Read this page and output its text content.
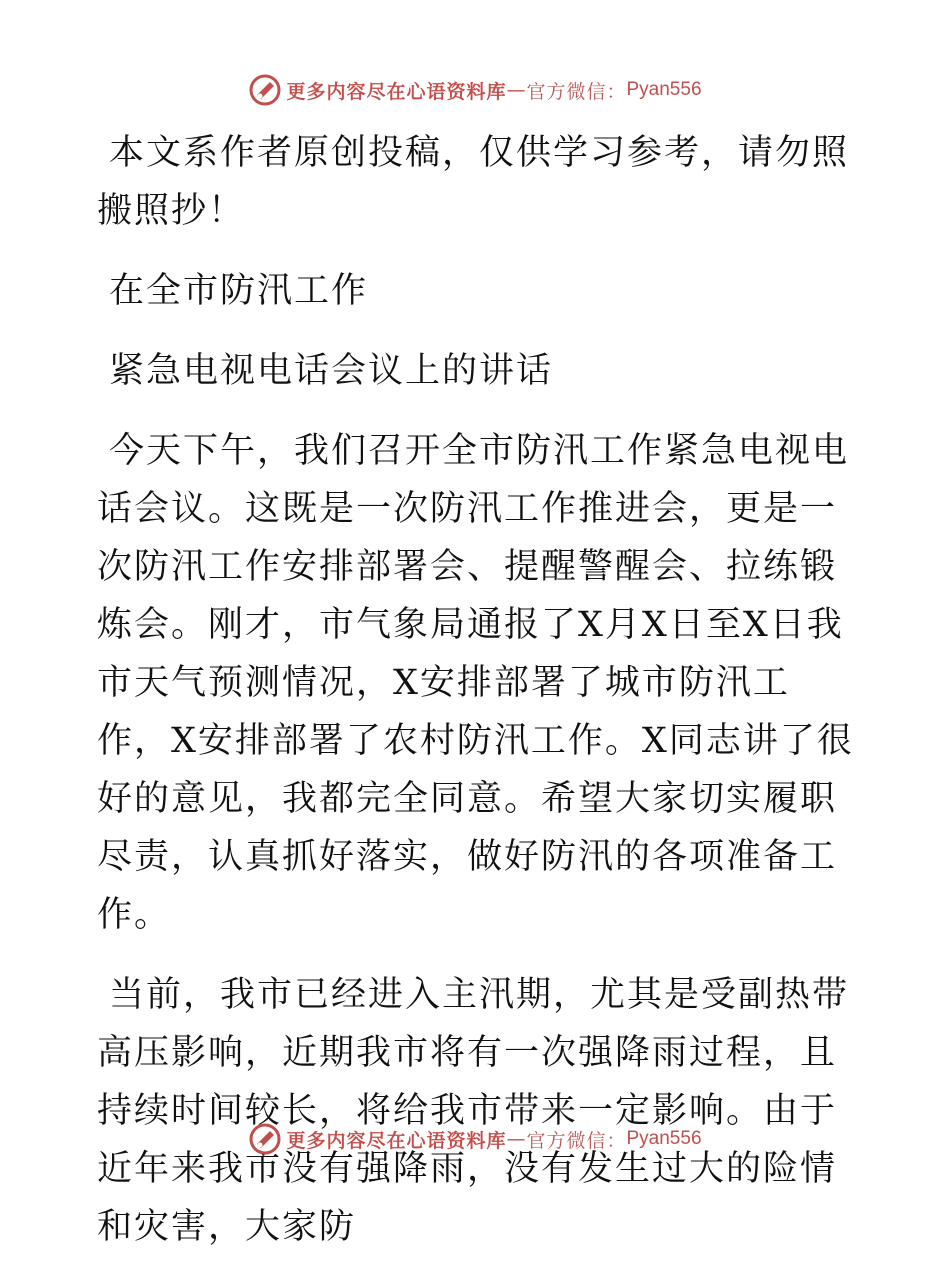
更多内容尽在心语资料库 — 官方微信： Pyan556

本文系作者原创投稿，仅供学习参考，请勿照搬照抄！

在全市防汛工作

紧急电视电话会议上的讲话

今天下午，我们召开全市防汛工作紧急电视电话会议。这既是一次防汛工作推进会，更是一次防汛工作安排部署会、提醒警醒会、拉练锻炼会。刚才，市气象局通报了X月X日至X日我市天气预测情况，X安排部署了城市防汛工作，X安排部署了农村防汛工作。X同志讲了很好的意见，我都完全同意。希望大家切实履职尽责，认真抓好落实，做好防汛的各项准备工作。

当前，我市已经进入主汛期，尤其是受副热带高压影响，近期我市将有一次强降雨过程，且持续时间较长，将给我市带来一定影响。由于近年来我市没有强降雨，没有发生过大的险情和灾害，大家防

更多内容尽在心语资料库 — 官方微信： Pyan556
